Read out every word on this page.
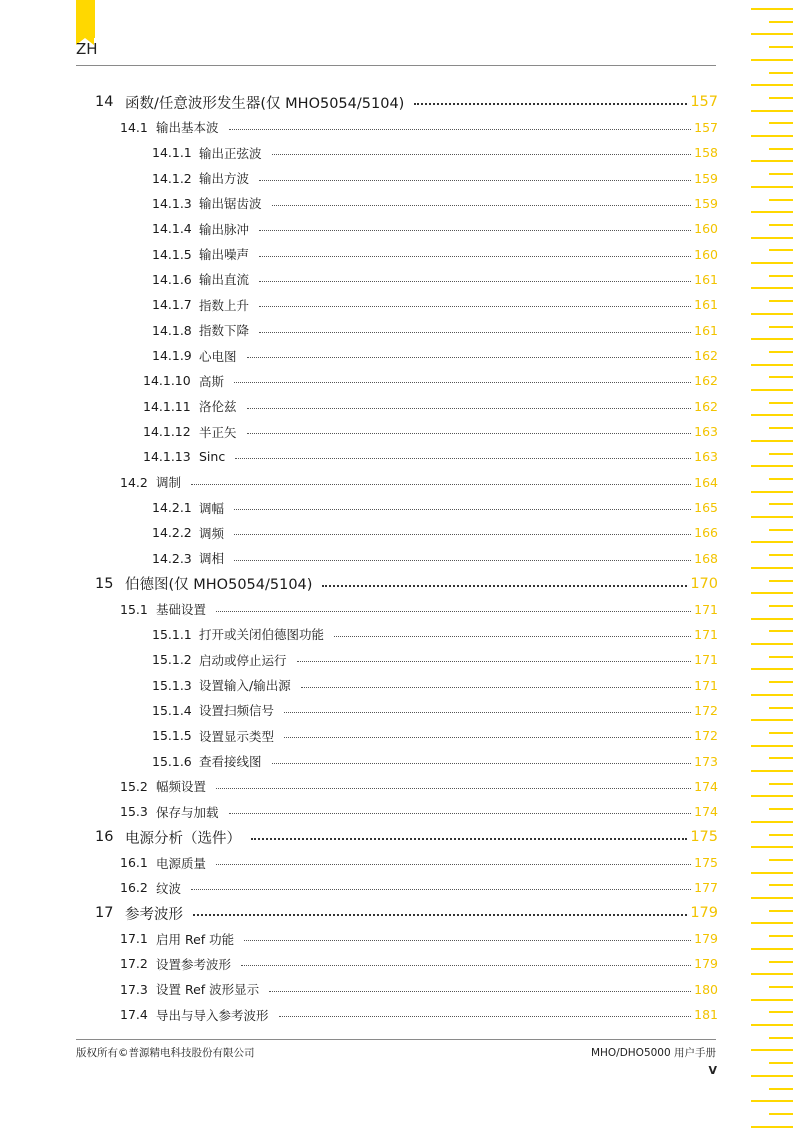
ZH
14 函数/任意波形发生器(仅 MHO5054/5104)	157
14.1 输出基本波	157
14.1.1 输出正弦波	158
14.1.2 输出方波	159
14.1.3 输出锯齿波	159
14.1.4 输出脉冲	160
14.1.5 输出噪声	160
14.1.6 输出直流	161
14.1.7 指数上升	161
14.1.8 指数下降	161
14.1.9 心电图	162
14.1.10 高斯	162
14.1.11 洛伦兹	162
14.1.12 半正矢	163
14.1.13 Sinc	163
14.2 调制	164
14.2.1 调幅	165
14.2.2 调频	166
14.2.3 调相	168
15 伯德图(仅 MHO5054/5104)	170
15.1 基础设置	171
15.1.1 打开或关闭伯德图功能	171
15.1.2 启动或停止运行	171
15.1.3 设置输入/输出源	171
15.1.4 设置扫频信号	172
15.1.5 设置显示类型	172
15.1.6 查看接线图	173
15.2 幅频设置	174
15.3 保存与加载	174
16 电源分析（选件）	175
16.1 电源质量	175
16.2 纹波	177
17 参考波形	179
17.1 启用 Ref 功能	179
17.2 设置参考波形	179
17.3 设置 Ref 波形显示	180
17.4 导出与导入参考波形	181
版权所有©普源精电科技股份有限公司	MHO/DHO5000 用户手册
V
